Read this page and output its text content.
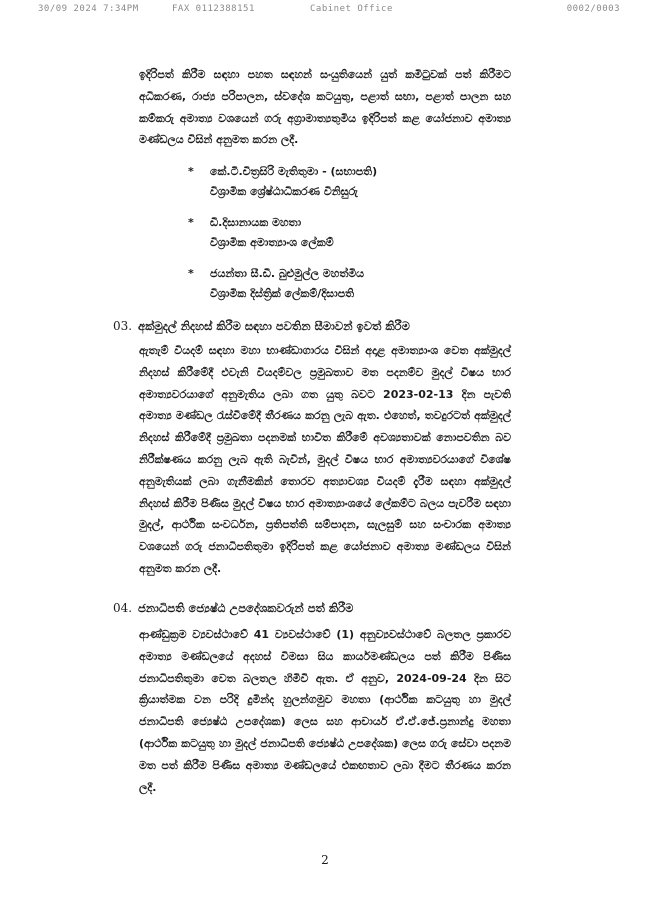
30/09 2024 7:34PM	FAX 0112388151	Cabinet Office	0002/0003
ඉදිරිපත් කිරීම සඳහා පහත සඳහන් සංයුතියෙන් යුත් කමිටුවක් පත් කිරීමට අධිකරණ, රාජ්‍ය පරිපාලන, ස්වදේශ කටයුතු, පළාත් සභා, පළාත් පාලන සහ කම්කරු අමාත්‍ය වශයෙන් ගරු අග්‍රාමාත්‍යතුමිය ඉදිරිපත් කළ යෝජනාව අමාත්‍ය මණ්ඩලය විසින් අනුමත කරන ලදී.
* කේ.ටී.චිත්‍රසිරි මැතිතුමා - (සභාපති)
විශ්‍රාමික ශ්‍රේෂ්ඨාධිකරණ විනිසුරු
* ඩී.දිසානායක මහතා
විශ්‍රාමික අමාත්‍යාංශ ලේකම්
* ජයන්තා සී.ඩී. බුළුමුල්ල මහත්මිය
විශ්‍රාමික දිස්ත්‍රික් ලේකම්/දිසාපති
03. අක්මුදල් නිදහස් කිරීම සඳහා පවතින සීමාවන් ඉවත් කිරීම
ඇතැම් වියදම් සඳහා මහා භාණ්ඩාගාරය විසින් අදාළ අමාත්‍යාංශ වෙත අක්මුදල් නිදහස් කිරීමේදී එවැනි වියදම්වල ප්‍රමුඛතාව මත පදනම්ව මුදල් විෂය භාර අමාත්‍යවරයාගේ අනුමැතිය ලබා ගත යුතු බවට 2023-02-13 දින පැවති අමාත්‍ය මණ්ඩල රැස්වීමේදී තීරණය කරනු ලැබ ඇත. එහෙත්, තවදුරටත් අක්මුදල් නිදහස් කිරීමේදී ප්‍රමුඛතා පදනමක් භාවිත කිරීමේ අවශ්‍යතාවක් නොපවතින බව නිරීක්ෂණය කරනු ලැබ ඇති බැවින්, මුදල් විෂය භාර අමාත්‍යවරයාගේ විශේෂ අනුමැතියක් ලබා ගැනීමකින් තොරව අත්‍යාවශ්‍ය වියදම් දැරීම සඳහා අක්මුදල් නිදහස් කිරීම පිණිස මුදල් විෂය භාර අමාත්‍යාංශයේ ලේකම්ට බලය පැවරීම සඳහා මුදල්, ආර්ථික සංවර්ධන, ප්‍රතිපත්ති සම්පාදන, සැලසුම් සහ සංචාරක අමාත්‍ය වශයෙන් ගරු ජනාධිපතිතුමා ඉදිරිපත් කළ යෝජනාව අමාත්‍ය මණ්ඩලය විසින් අනුමත කරන ලදී.
04. ජනාධිපති ජ්‍යෙෂ්ඨ උපදේශකවරුන් පත් කිරීම
ආණ්ඩුක්‍රම ව්‍යවස්ථාවේ 41 ව්‍යවස්ථාවේ (1) අනුව්‍යවස්ථාවේ බලතල ප්‍රකාරව අමාත්‍ය මණ්ඩලයේ අදහස් විමසා සිය කාර්යමණ්ඩලය පත් කිරීම පිණිස ජනාධිපතිතුමා වෙත බලතල හිමිවී ඇත. ඒ අනුව, 2024-09-24 දින සිට ක්‍රියාත්මක වන පරිදි දුමින්ද හුලන්ගමුව මහතා (ආර්ථික කටයුතු හා මුදල් ජනාධිපති ජ්‍යෙෂ්ඨ උපදේශක) ලෙස සහ ආචාර්ය ඒ.ඒ.ජේ.ප්‍රනාන්දු මහතා (ආර්ථික කටයුතු හා මුදල් ජනාධිපති ජ්‍යෙෂ්ඨ උපදේශක) ලෙස ගරු සේවා පදනම මත පත් කිරීම පිණිස අමාත්‍ය මණ්ඩලයේ එකඟතාව ලබා දීමට තීරණය කරන ලදී.
2
